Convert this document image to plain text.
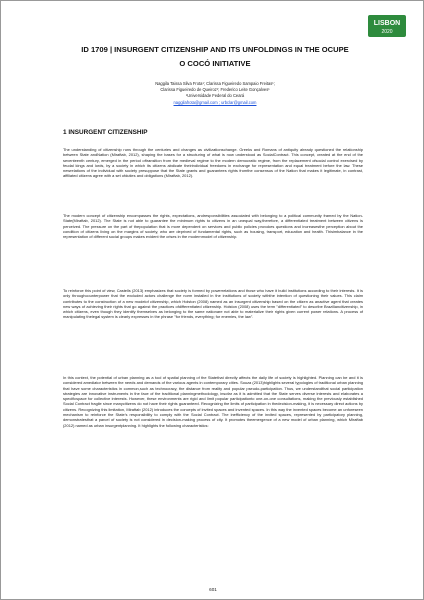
LISBON
2020
ID 1709 | INSURGENT CITIZENSHIP AND ITS UNFOLDINGS IN THE OCUPE
O COCÓ INITIATIVE
Naggila Taissa Silva Frota¹; Clarissa Figueiredo Sampaio Freitas¹;
Clarissa Figueiredo de Queiroz¹; Frederico Leite Gonçalves¹
¹Universidade Federal do Ceará
naggilafrota@gmail.com ; urbclar@gmail.com
1 INSURGENT CITIZENSHIP

The understanding of citizenship runs through the centuries and changes as civilizationschange. Greeks and Romans of antiquity already questioned the relationship between State andNation (Miraftab, 2012), shaping the bases for a structuring of what is now understood as SocialContract. This concept, created at the end of the seventeenth century, emerged in the period oftransition from the medieval regime to the modern democratic regime, from the replacement ofsocial control exercised by feudal kings and lords, by a society in which its citizens abdicate theirindividual freedoms in exchange for representation and equal treatment before the law. These newrelations of the individual with society presuppose that the State grants and guarantees rights fromthe consensus of the Nation that makes it legitimate, in contrast, affiliated citizens agree with a set ofduties and obligations (Miraftab, 2012).

The modern concept of citizenship encompasses the rights, expectations, andresponsibilities associated with belonging to a political community framed by the Nation-State(Miraftab, 2012). The State is not able to guarantee the minimum rights to citizens in an unequal way,therefore, a differentiated treatment between citizens is perceived. The pressure on the part of thepopulation that is more dependent on services and public policies provokes questions and increasesthe perception about the condition of citizens living on the margins of society, who are deprived of fundamental rights, such as housing, transport, education and health. Thisimbalance in the representation of different social groups makes evident the crises in the modernmodel of citizenship.

To reinforce this point of view, Castells (2013) emphasizes that society is formed by powerrelations and those who have it build institutions according to their interests. It is only throughcounterpower that the excluded actors challenge the norm installed in the institutions of society withthe intention of questioning their values. This claim contributes to the construction of a new modelof citizenship, which Holston (2008) named as an insurgent citizenship based on the citizen as anactive agent that creates new ways of achieving their rights that go against the practices ofdifferentiated citizenship. Holston (2008) uses the term "differentiated" to describe Braziliancitizenship, in which citizens, even though they identify themselves as belonging to the same nationare not able to materialize their rights given current power relations. A process of manipulating thelegal system is clearly expresses in the phrase "for friends, everything; for enemies, the law".

In this context, the potential of urban planning as a tool of spatial planning of the Statethat directly affects the daily life of society is highlighted. Planning can be and it is considered amediator between the needs and demands of the various agents in contemporary cities. Souza (2013)highlights several typologies of traditional urban planning that have some characteristics in common,such as technocracy, the distance from reality and popular pseudo-participation. Thus, we understandthat social participation strategies are innovative instruments in the face of the traditional planningmethodology, insofar as it is admitted that the State serves diverse interests and elaborates a specificspace for collective interests. However, these environments are rigid and limit popular participationto one-on-one consultations, making the previously established Social Contract fragile since manycitizens do not have their rights guaranteed. Recognizing the limits of participation in thedecision-making, it is necessary direct actions by citizens. Recognizing this limitation, Miraftab (2012) introduces the concepts of invited spaces and invented spaces. In this way the invented spaces become an unforeseen mechanism to reinforce the State's responsibility to comply with the Social Contract. The inefficiency of the invited spaces, represented by participatory planning, demonstratesthat a parcel of society is not considered in decision-making process of city. It promotes theemergence of a new model of urban planning, which Miraftab (2012) named as urban insurgentplanning. It highlights the following characteristics:

601
